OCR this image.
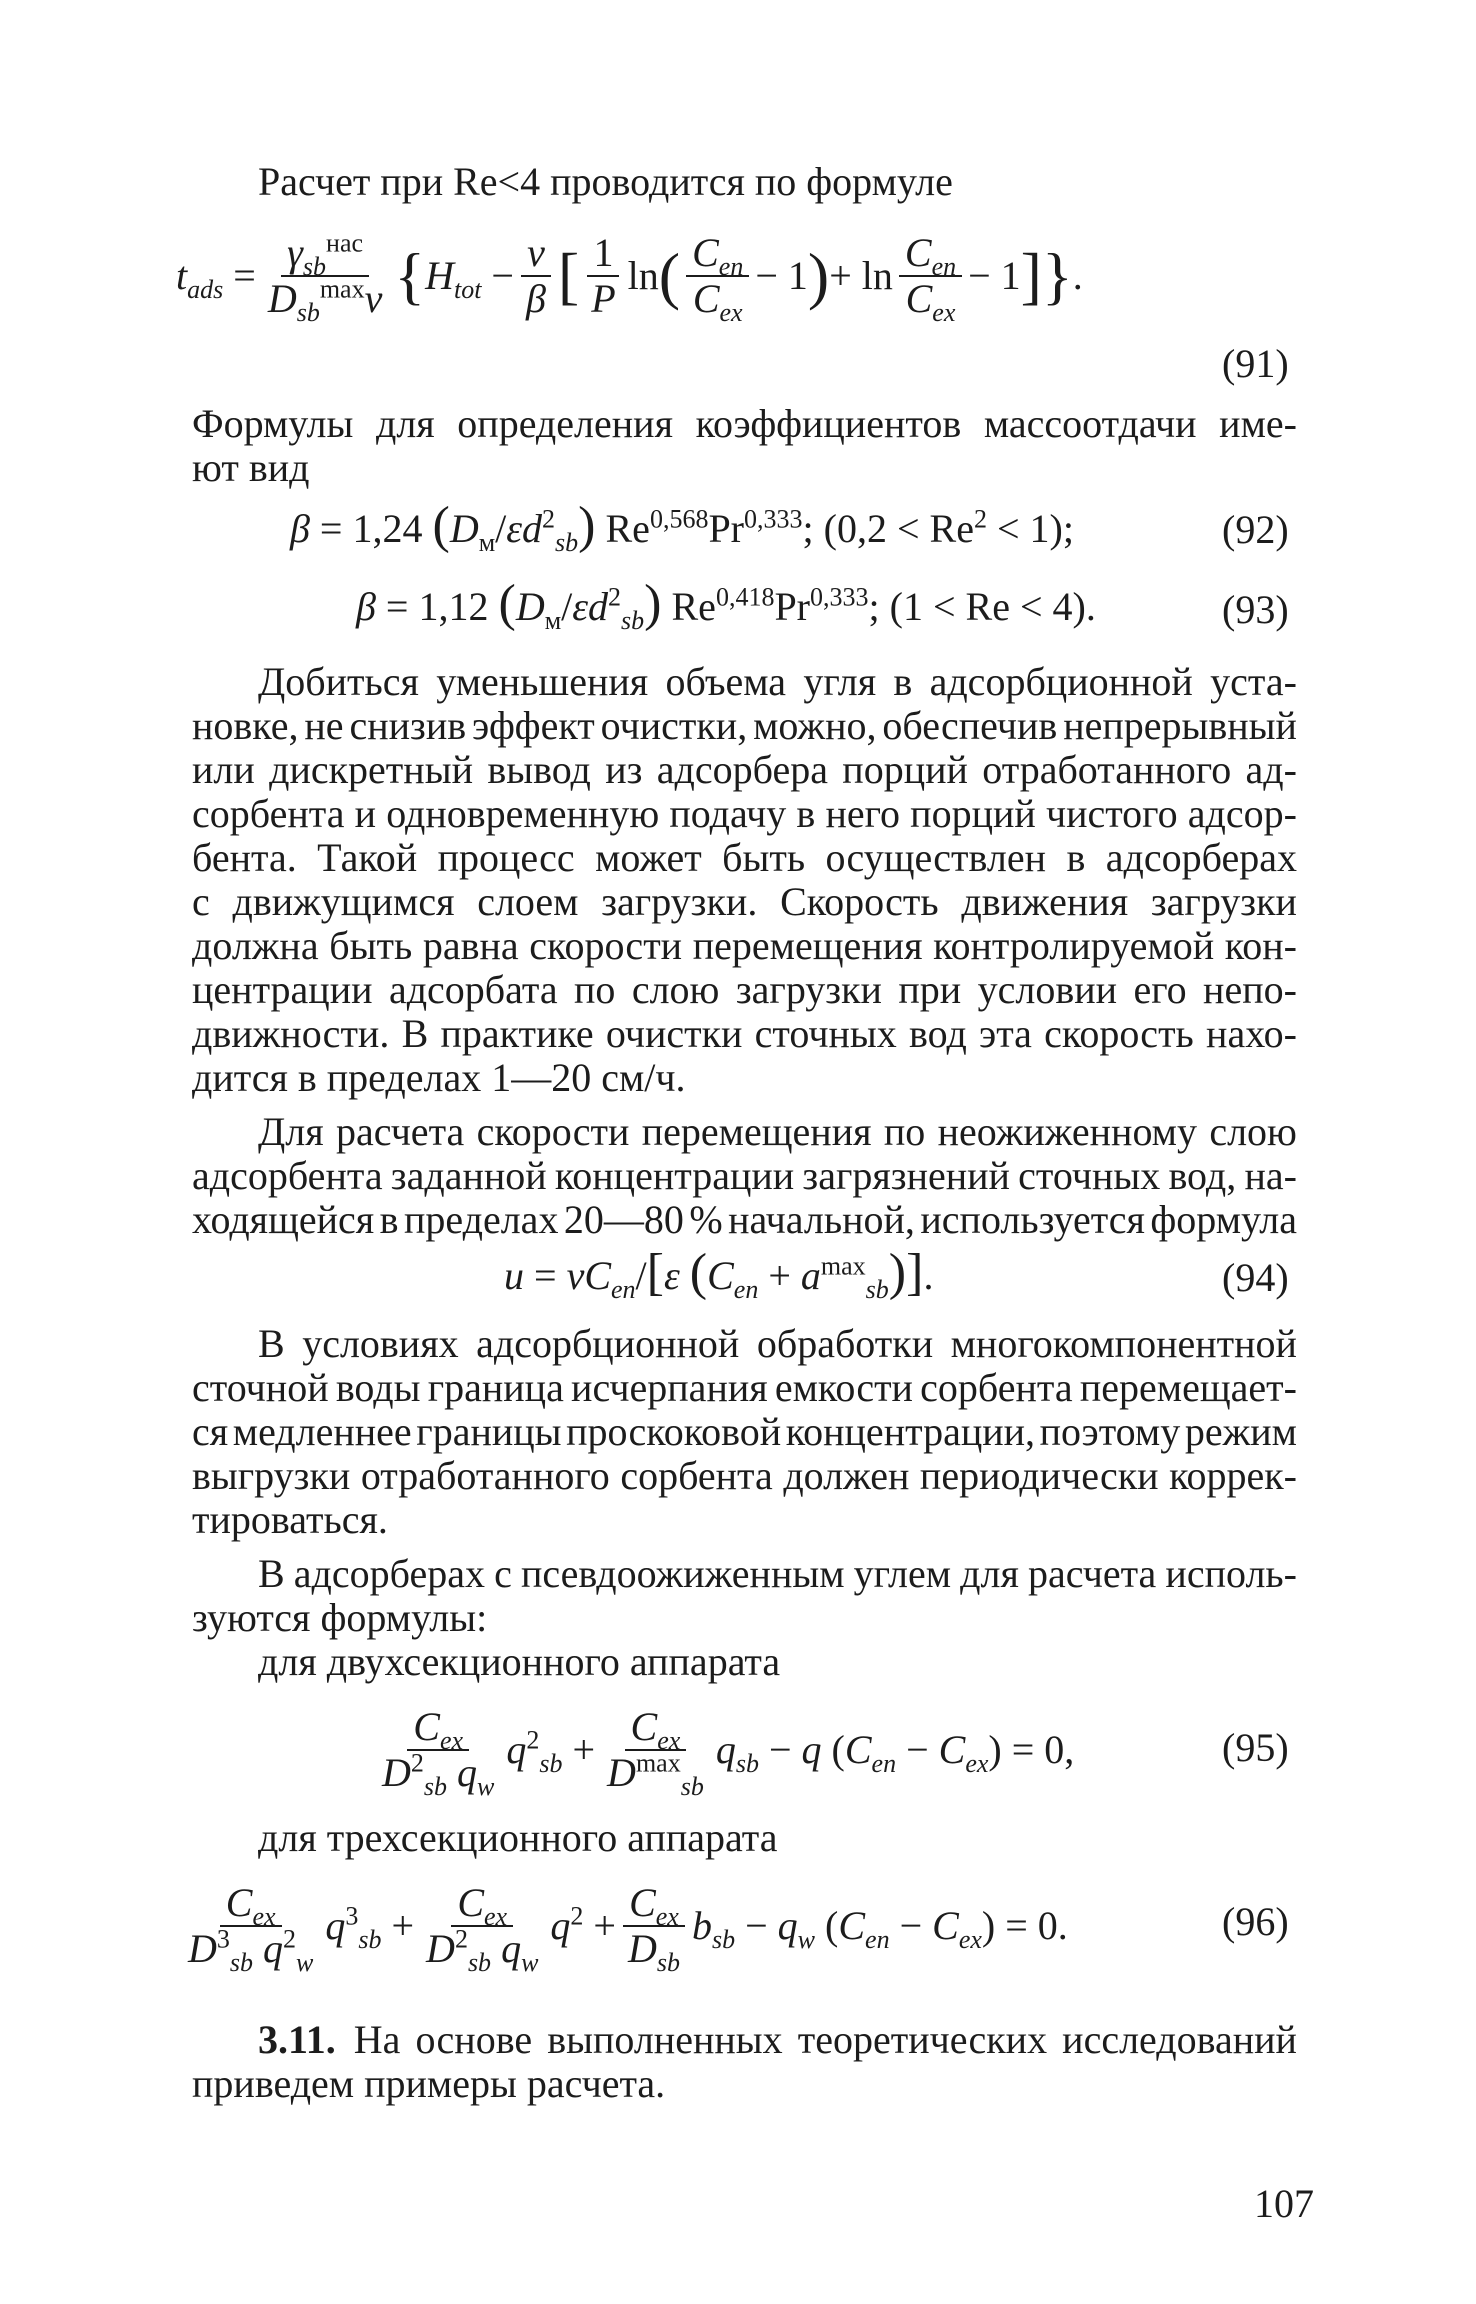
Расчет при Re<4 проводится по формуле
$t_{ads} = \frac{\gamma_{sb}^{нас}}{D_{sb}^{max}v}$ { $H_{tot} - \frac{v}{\beta}$ [ $\frac{1}{P}$ ln ( $\frac{C_{en}}{C_{ex}} - 1$ ) + $\ln \frac{C_{en}}{C_{ex}} - 1$ ]} .
(91)
Формулы для определения коэффициентов массоотдачи име-
ют вид
β = 1,24 $(D_м/\varepsilon d^2_{sb})$ Re$^{0,568}$Pr$^{0,333}$; $(0,2 < Re^2 < 1)$;	(92)
β = 1,12 $(D_м/\varepsilon d^2_{sb})$ Re$^{0,418}$Pr$^{0,333}$; (1 < Re < 4).	(93)
Добиться уменьшения объема угля в адсорбционной уста-
новке, не снизив эффект очистки, можно, обеспечив непрерывный
или дискретный вывод из адсорбера порций отработанного ад-
сорбента и одновременную подачу в него порций чистого адсор-
бента. Такой процесс может быть осуществлен в адсорберах
с движущимся слоем загрузки. Скорость движения загрузки
должна быть равна скорости перемещения контролируемой кон-
центрации адсорбата по слою загрузки при условии его непо-
движности. В практике очистки сточных вод эта скорость нахо-
дится в пределах 1—20 см/ч.
Для расчета скорости перемещения по неожиженному слою
адсорбента заданной концентрации загрязнений сточных вод, на-
ходящейся в пределах 20—80 % начальной, используется формула
$u = vC_{en}/[\varepsilon$ $(C_{en} + a^{max}_{sb})$].	(94)
В условиях адсорбционной обработки многокомпонентной
сточной воды граница исчерпания емкости сорбента перемещает-
ся медленнее границы проскоковой концентрации, поэтому режим
выгрузки отработанного сорбента должен периодически коррек-
тироваться.
В адсорберах с псевдоожиженным углем для расчета исполь-
зуются формулы:
для двухсекционного аппарата
$\frac{C_{ex}}{D^2_{sb} q_w} q^2_{sb} + \frac{C_{ex}}{D^{max}_{sb}} q_{sb} - q$ $(C_{en} - C_{ex}) = 0$,	(95)
для трехсекционного аппарата
$\frac{C_{ex}}{D^3_{sb} q^2_w} q^3_{sb} + \frac{C_{ex}}{D^2_{sb} q_w} q^2 + \frac{C_{ex}}{D_{sb}} b_{sb} - q_w$ $(C_{en} - C_{ex}) = 0$.	(96)
3.11. На основе выполненных теоретических исследований
приведем примеры расчета.
107
